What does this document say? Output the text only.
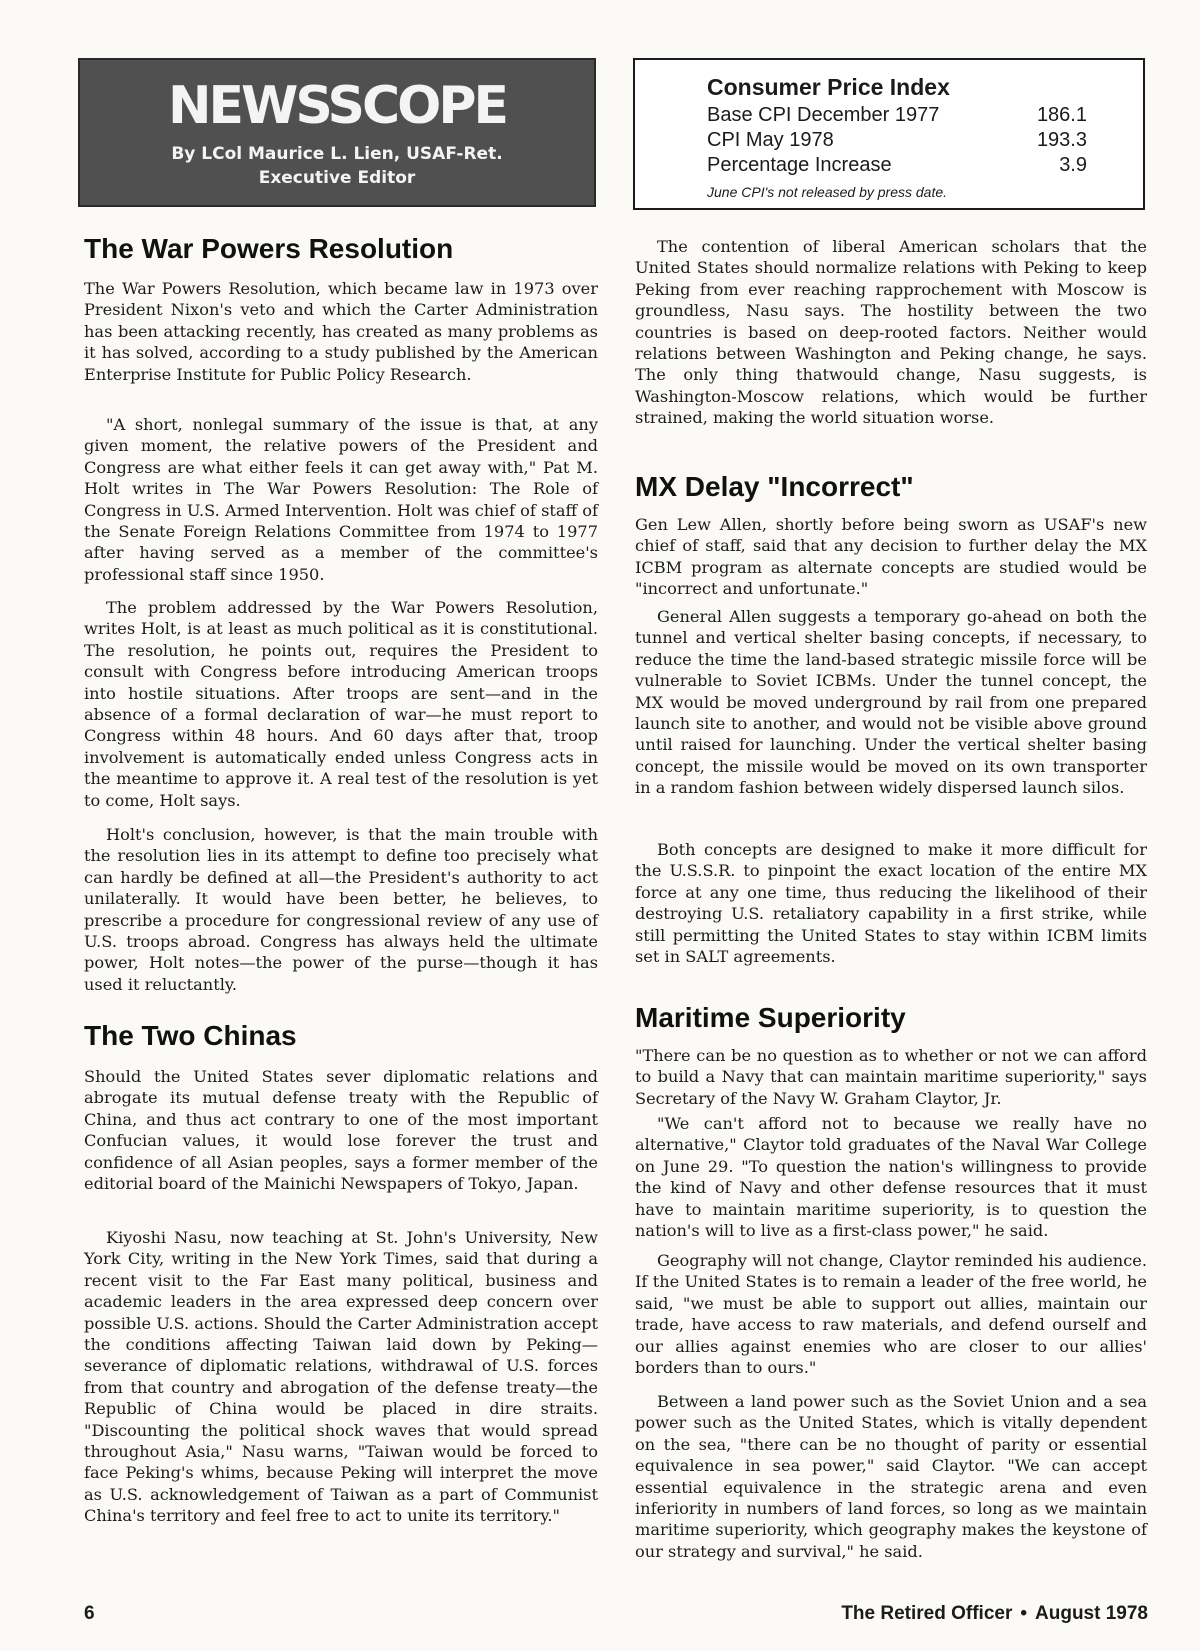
NEWSSCOPE
By LCol Maurice L. Lien, USAF-Ret.
Executive Editor
Consumer Price Index
Base CPI December 1977	186.1
CPI May 1978	193.3
Percentage Increase	3.9
June CPI's not released by press date.
The War Powers Resolution

The War Powers Resolution, which became law in 1973 over President Nixon's veto and which the Carter Administration has been attacking recently, has created as many problems as it has solved, according to a study published by the American Enterprise Institute for Public Policy Research.

"A short, nonlegal summary of the issue is that, at any given moment, the relative powers of the President and Congress are what either feels it can get away with," Pat M. Holt writes in The War Powers Resolution: The Role of Congress in U.S. Armed Intervention. Holt was chief of staff of the Senate Foreign Relations Committee from 1974 to 1977 after having served as a member of the committee's professional staff since 1950.

The problem addressed by the War Powers Resolution, writes Holt, is at least as much political as it is constitutional. The resolution, he points out, requires the President to consult with Congress before introducing American troops into hostile situations. After troops are sent—and in the absence of a formal declaration of war—he must report to Congress within 48 hours. And 60 days after that, troop involvement is automatically ended unless Congress acts in the meantime to approve it. A real test of the resolution is yet to come, Holt says.

Holt's conclusion, however, is that the main trouble with the resolution lies in its attempt to define too precisely what can hardly be defined at all—the President's authority to act unilaterally. It would have been better, he believes, to prescribe a procedure for congressional review of any use of U.S. troops abroad. Congress has always held the ultimate power, Holt notes—the power of the purse—though it has used it reluctantly.

The Two Chinas

Should the United States sever diplomatic relations and abrogate its mutual defense treaty with the Republic of China, and thus act contrary to one of the most important Confucian values, it would lose forever the trust and confidence of all Asian peoples, says a former member of the editorial board of the Mainichi Newspapers of Tokyo, Japan.

Kiyoshi Nasu, now teaching at St. John's University, New York City, writing in the New York Times, said that during a recent visit to the Far East many political, business and academic leaders in the area expressed deep concern over possible U.S. actions. Should the Carter Administration accept the conditions affecting Taiwan laid down by Peking—severance of diplomatic relations, withdrawal of U.S. forces from that country and abrogation of the defense treaty—the Republic of China would be placed in dire straits. "Discounting the political shock waves that would spread throughout Asia," Nasu warns, "Taiwan would be forced to face Peking's whims, because Peking will interpret the move as U.S. acknowledgement of Taiwan as a part of Communist China's territory and feel free to act to unite its territory."

The contention of liberal American scholars that the United States should normalize relations with Peking to keep Peking from ever reaching rapprochement with Moscow is groundless, Nasu says. The hostility between the two countries is based on deep-rooted factors. Neither would relations between Washington and Peking change, he says. The only thing thatwould change, Nasu suggests, is Washington-Moscow relations, which would be further strained, making the world situation worse.

MX Delay "Incorrect"

Gen Lew Allen, shortly before being sworn as USAF's new chief of staff, said that any decision to further delay the MX ICBM program as alternate concepts are studied would be "incorrect and unfortunate."

General Allen suggests a temporary go-ahead on both the tunnel and vertical shelter basing concepts, if necessary, to reduce the time the land-based strategic missile force will be vulnerable to Soviet ICBMs. Under the tunnel concept, the MX would be moved underground by rail from one prepared launch site to another, and would not be visible above ground until raised for launching. Under the vertical shelter basing concept, the missile would be moved on its own transporter in a random fashion between widely dispersed launch silos.

Both concepts are designed to make it more difficult for the U.S.S.R. to pinpoint the exact location of the entire MX force at any one time, thus reducing the likelihood of their destroying U.S. retaliatory capability in a first strike, while still permitting the United States to stay within ICBM limits set in SALT agreements.

Maritime Superiority

"There can be no question as to whether or not we can afford to build a Navy that can maintain maritime superiority," says Secretary of the Navy W. Graham Claytor, Jr.

"We can't afford not to because we really have no alternative," Claytor told graduates of the Naval War College on June 29. "To question the nation's willingness to provide the kind of Navy and other defense resources that it must have to maintain maritime superiority, is to question the nation's will to live as a first-class power," he said.

Geography will not change, Claytor reminded his audience. If the United States is to remain a leader of the free world, he said, "we must be able to support out allies, maintain our trade, have access to raw materials, and defend ourself and our allies against enemies who are closer to our allies' borders than to ours."

Between a land power such as the Soviet Union and a sea power such as the United States, which is vitally dependent on the sea, "there can be no thought of parity or essential equivalence in sea power," said Claytor. "We can accept essential equivalence in the strategic arena and even inferiority in numbers of land forces, so long as we maintain maritime superiority, which geography makes the keystone of our strategy and survival," he said.

6	The Retired Officer • August 1978
